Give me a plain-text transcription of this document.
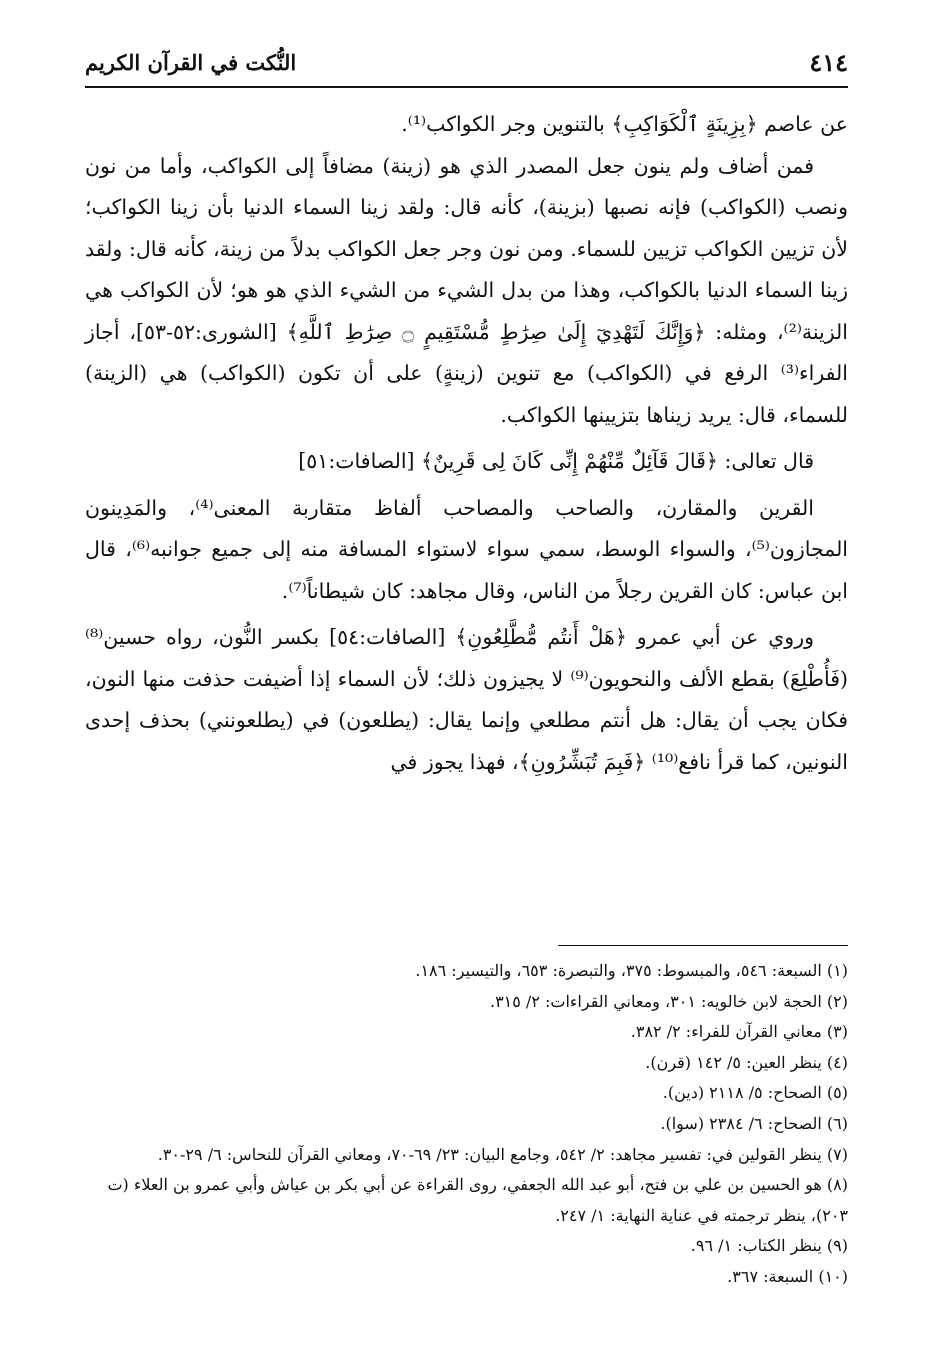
٤١٤
النُّكت في القرآن الكريم

عن عاصم ﴿بِزِينَةٍ ٱلْكَوَاكِبِ﴾ بالتنوين وجر الكواكب⁽¹⁾.

فمن أضاف ولم ينون جعل المصدر الذي هو (زينة) مضافاً إلى الكواكب، وأما من نون ونصب (الكواكب) فإنه نصبها (بزينة)، كأنه قال: ولقد زينا السماء الدنيا بأن زينا الكواكب؛ لأن تزيين الكواكب تزيين للسماء. ومن نون وجر جعل الكواكب بدلاً من زينة، كأنه قال: ولقد زينا السماء الدنيا بالكواكب، وهذا من بدل الشيء من الشيء الذي هو هو؛ لأن الكواكب هي الزينة⁽²⁾، ومثله: ﴿وَإِنَّكَ لَتَهْدِيٓ إِلَىٰ صِرَٰطٍ مُّسْتَقِيمٍ ۝ صِرَٰطِ ٱللَّهِ﴾ [الشورى:٥٢-٥٣]، أجاز الفراء⁽³⁾ الرفع في (الكواكب) مع تنوين (زينةٍ) على أن تكون (الكواكب) هي (الزينة) للسماء، قال: يريد زيناها بتزيينها الكواكب.

قال تعالى: ﴿قَالَ قَآئِلٌ مِّنْهُمْ إِنِّى كَانَ لِى قَرِينٌ﴾ [الصافات:٥١]

القرين والمقارن، والصاحب والمصاحب ألفاظ متقاربة المعنى⁽⁴⁾، والمَدِينون المجازون⁽⁵⁾، والسواء الوسط، سمي سواء لاستواء المسافة منه إلى جميع جوانبه⁽⁶⁾، قال ابن عباس: كان القرين رجلاً من الناس، وقال مجاهد: كان شيطاناً⁽⁷⁾.

وروي عن أبي عمرو ﴿هَلْ أَنتُم مُّطَّلِعُونِ﴾ [الصافات:٥٤] بكسر النُّون، رواه حسين⁽⁸⁾ (فَأُطْلِعَ) بقطع الألف والنحويون⁽⁹⁾ لا يجيزون ذلك؛ لأن السماء إذا أضيفت حذفت منها النون، فكان يجب أن يقال: هل أنتم مطلعي وإنما يقال: (يطلعون) في (يطلعونني) بحذف إحدى النونين، كما قرأ نافع⁽¹⁰⁾ ﴿فَبِمَ تُبَشِّرُونِ﴾، فهذا يجوز في

(١) السبعة: ٥٤٦، والمبسوط: ٣٧٥، والتبصرة: ٦٥٣، والتيسير: ١٨٦.

(٢) الحجة لابن خالويه: ٣٠١، ومعاني القراءات: ٢/ ٣١٥.

(٣) معاني القرآن للفراء: ٢/ ٣٨٢.

(٤) ينظر العين: ٥/ ١٤٢ (قرن).

(٥) الصحاح: ٥/ ٢١١٨ (دين).

(٦) الصحاح: ٦/ ٢٣٨٤ (سوا).

(٧) ينظر القولين في: تفسير مجاهد: ٢/ ٥٤٢، وجامع البيان: ٢٣/ ٦٩-٧٠، ومعاني القرآن للنحاس: ٦/ ٢٩-٣٠.

(٨) هو الحسين بن علي بن فتح، أبو عبد الله الجعفي، روى القراءة عن أبي بكر بن عياش وأبي عمرو بن العلاء (ت ٢٠٣)، ينظر ترجمته في عناية النهاية: ١/ ٢٤٧.

(٩) ينظر الكتاب: ١/ ٩٦.

(١٠) السبعة: ٣٦٧.
